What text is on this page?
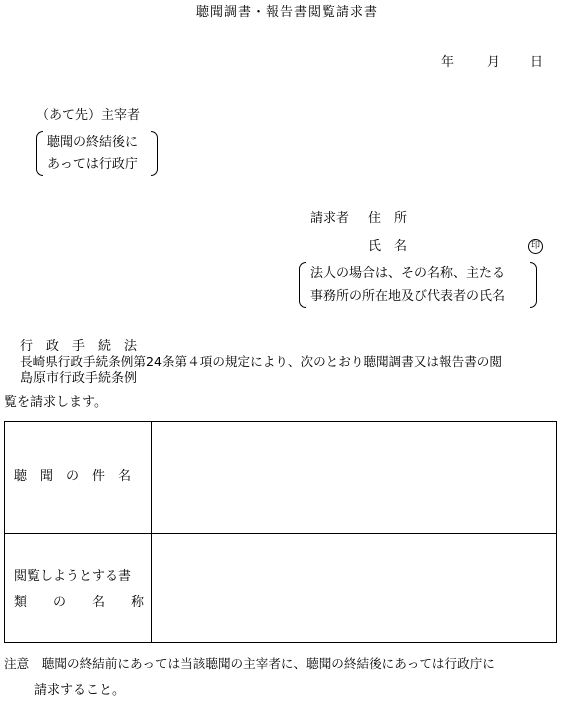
聴聞調書・報告書閲覧請求書
年	月 日
（あて先）主宰者
聴聞の終結後に
あっては行政庁
請求者 住　所
氏　名	印
法人の場合は、その名称、主たる
事務所の所在地及び代表者の氏名
行　政　手　続　法
長崎県行政手続条例第24条第４項の規定により、次のとおり聴聞調書又は報告書の閲
島原市行政手続条例
覧を請求します。
聴　聞　の　件　名
閲覧しようとする書
類　　の　　名　　称
注意　聴聞の終結前にあっては当該聴聞の主宰者に、聴聞の終結後にあっては行政庁に
請求すること。
